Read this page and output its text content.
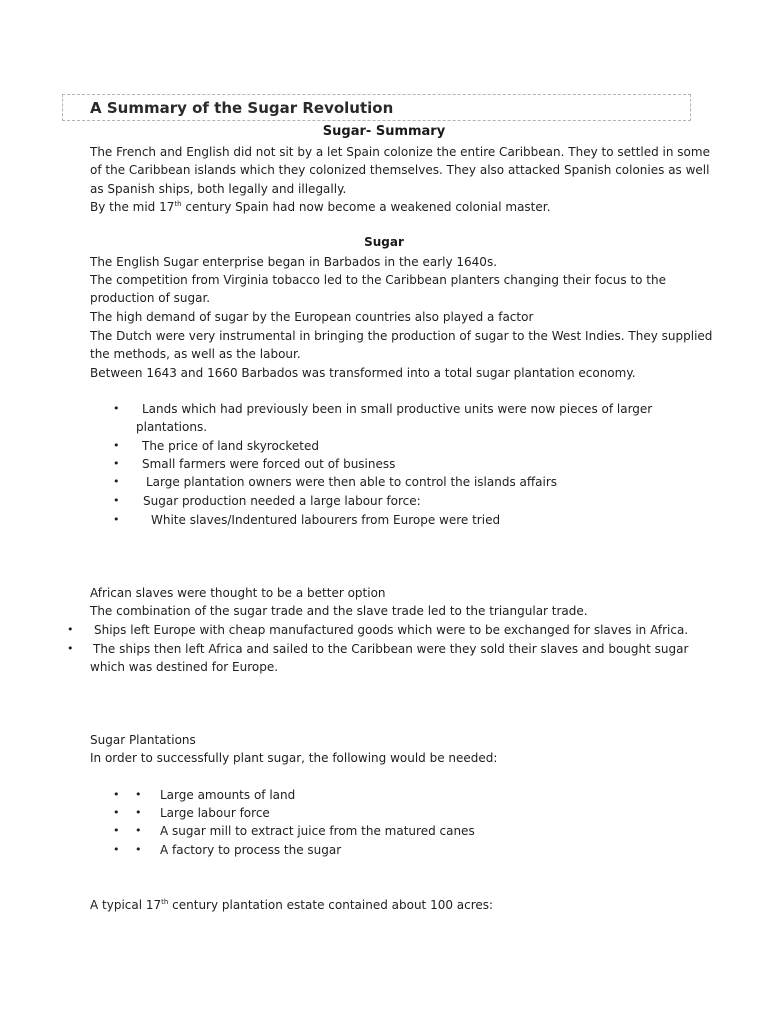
A Summary of the Sugar Revolution
Sugar- Summary
The French and English did not sit by a let Spain colonize the entire Caribbean. They to settled in some
of the Caribbean islands which they colonized themselves. They also attacked Spanish colonies as well
as Spanish ships, both legally and illegally.
By the mid 17th century Spain had now become a weakened colonial master.
Sugar
The English Sugar enterprise began in Barbados in the early 1640s.
The competition from Virginia tobacco led to the Caribbean planters changing their focus to the
production of sugar.
The high demand of sugar by the European countries also played a factor
The Dutch were very instrumental in bringing the production of sugar to the West Indies. They supplied
the methods, as well as the labour.
Between 1643 and 1660 Barbados was transformed into a total sugar plantation economy.
• Lands which had previously been in small productive units were now pieces of larger
plantations.
• The price of land skyrocketed
• Small farmers were forced out of business
• Large plantation owners were then able to control the islands affairs
• Sugar production needed a large labour force:
•	White slaves/Indentured labourers from Europe were tried
African slaves were thought to be a better option
The combination of the sugar trade and the slave trade led to the triangular trade.
• Ships left Europe with cheap manufactured goods which were to be exchanged for slaves in Africa.
• The ships then left Africa and sailed to the Caribbean were they sold their slaves and bought sugar
which was destined for Europe.
Sugar Plantations
In order to successfully plant sugar, the following would be needed:
• • Large amounts of land
• • Large labour force
• • A sugar mill to extract juice from the matured canes
• • A factory to process the sugar
A typical 17th century plantation estate contained about 100 acres:
